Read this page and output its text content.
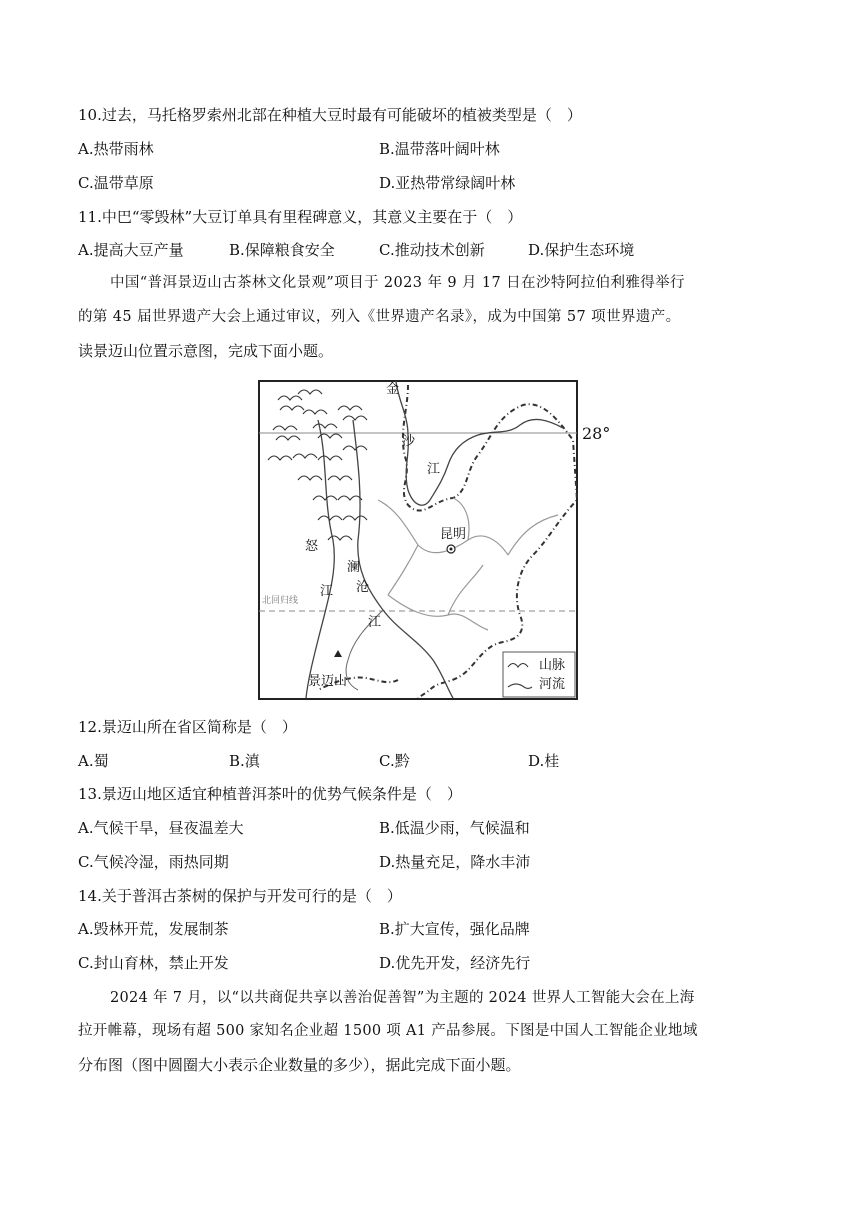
10.过去，马托格罗索州北部在种植大豆时最有可能破坏的植被类型是（　）
A.热带雨林	B.温带落叶阔叶林
C.温带草原	D.亚热带常绿阔叶林
11.中巴“零毁林”大豆订单具有里程碑意义，其意义主要在于（　）
A.提高大豆产量	B.保障粮食安全	C.推动技术创新	D.保护生态环境
中国“普洱景迈山古茶林文化景观”项目于 2023 年 9 月 17 日在沙特阿拉伯利雅得举行
的第 45 届世界遗产大会上通过审议，列入《世界遗产名录》，成为中国第 57 项世界遗产。
读景迈山位置示意图，完成下面小题。
金
沙
江
昆明
怒
澜
沧
江
江
北回归线
景迈山
山脉
河流
28°
12.景迈山所在省区简称是（　）
A.蜀	B.滇	C.黔	D.桂
13.景迈山地区适宜种植普洱茶叶的优势气候条件是（　）
A.气候干旱，昼夜温差大	B.低温少雨，气候温和
C.气候冷湿，雨热同期	D.热量充足，降水丰沛
14.关于普洱古茶树的保护与开发可行的是（　）
A.毁林开荒，发展制茶	B.扩大宣传，强化品牌
C.封山育林，禁止开发	D.优先开发，经济先行
2024 年 7 月，以“以共商促共享以善治促善智”为主题的 2024 世界人工智能大会在上海
拉开帷幕，现场有超 500 家知名企业超 1500 项 A1 产品参展。下图是中国人工智能企业地域
分布图（图中圆圈大小表示企业数量的多少），据此完成下面小题。
